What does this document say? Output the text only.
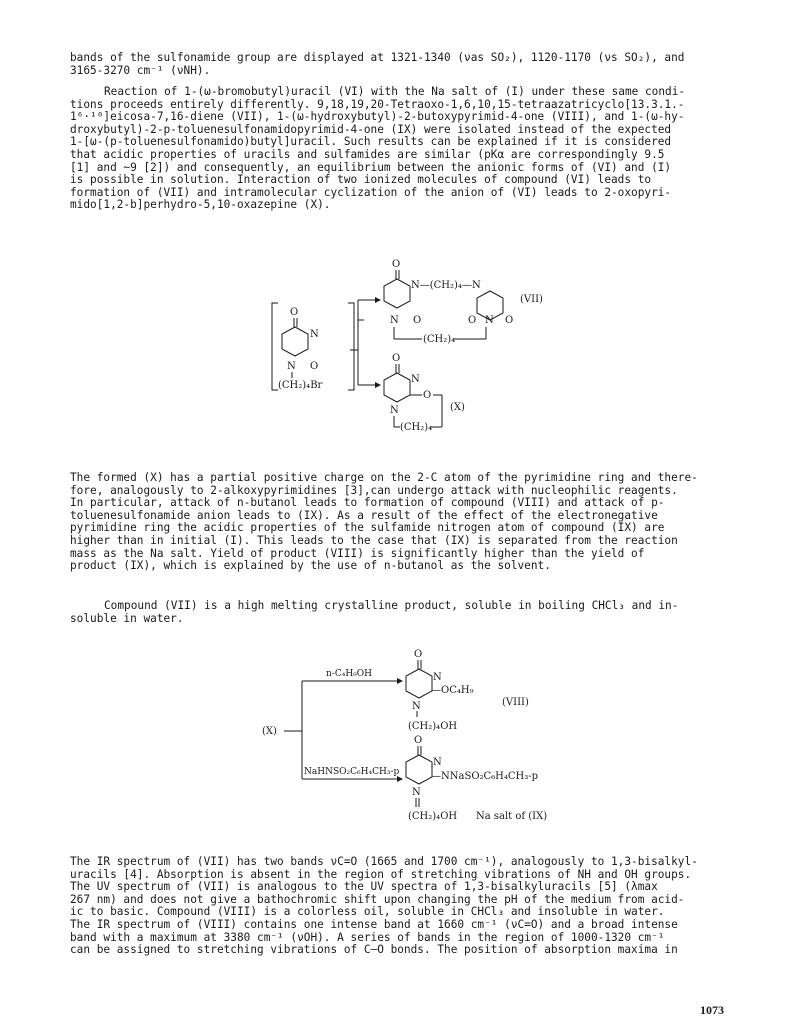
bands of the sulfonamide group are displayed at 1321-1340 (νas SO₂), 1120-1170 (νs SO₂), and
3165-3270 cm⁻¹ (νNH).
Reaction of 1-(ω-bromobutyl)uracil (VI) with the Na salt of (I) under these same condi-
tions proceeds entirely differently. 9,18,19,20-Tetraoxo-1,6,10,15-tetraazatricyclo[13.3.1.-
1⁶·¹⁰]eicosa-7,16-diene (VII), 1-(ω-hydroxybutyl)-2-butoxypyrimid-4-one (VIII), and 1-(ω-hy-
droxybutyl)-2-p-toluenesulfonamidopyrimid-4-one (IX) were isolated instead of the expected
1-[ω-(p-toluenesulfonamido)butyl]uracil. Such results can be explained if it is considered
that acidic properties of uracils and sulfamides are similar (pKα are correspondingly 9.5
[1] and ~9 [2]) and consequently, an equilibrium between the anionic forms of (VI) and (I)
is possible in solution. Interaction of two ionized molecules of compound (VI) leads to
formation of (VII) and intramolecular cyclization of the anion of (VI) leads to 2-oxopyri-
mido[1,2-b]perhydro-5,10-oxazepine (X).
O
N
N O
(CH₂)₄Br
O
N—(CH₂)₄—N
N O	O N O
(CH₂)₄
(VII)
O
N
O
N
(CH₂)₄
(X)
The formed (X) has a partial positive charge on the 2-C atom of the pyrimidine ring and there-
fore, analogously to 2-alkoxypyrimidines [3],can undergo attack with nucleophilic reagents.
In particular, attack of n-butanol leads to formation of compound (VIII) and attack of p-
toluenesulfonamide anion leads to (IX). As a result of the effect of the electronegative
pyrimidine ring the acidic properties of the sulfamide nitrogen atom of compound (IX) are
higher than in initial (I). This leads to the case that (IX) is separated from the reaction
mass as the Na salt. Yield of product (VIII) is significantly higher than the yield of
product (IX), which is explained by the use of n-butanol as the solvent.
Compound (VII) is a high melting crystalline product, soluble in boiling CHCl₃ and in-
soluble in water.
(X)
n-C₄H₉OH
O
N
—OC₄H₉
N
(CH₂)₄OH
(VIII)
NaHNSO₂C₆H₄CH₃-p
O
N
—NNaSO₂C₆H₄CH₃-p
N
(CH₂)₄OH Na salt of (IX)
The IR spectrum of (VII) has two bands νC=O (1665 and 1700 cm⁻¹), analogously to 1,3-bisalkyl-
uracils [4]. Absorption is absent in the region of stretching vibrations of NH and OH groups.
The UV spectrum of (VII) is analogous to the UV spectra of 1,3-bisalkyluracils [5] (λmax
267 nm) and does not give a bathochromic shift upon changing the pH of the medium from acid-
ic to basic. Compound (VIII) is a colorless oil, soluble in CHCl₃ and insoluble in water.
The IR spectrum of (VIII) contains one intense band at 1660 cm⁻¹ (νC=O) and a broad intense
band with a maximum at 3380 cm⁻¹ (νOH). A series of bands in the region of 1000-1320 cm⁻¹
can be assigned to stretching vibrations of C–O bonds. The position of absorption maxima in
1073
